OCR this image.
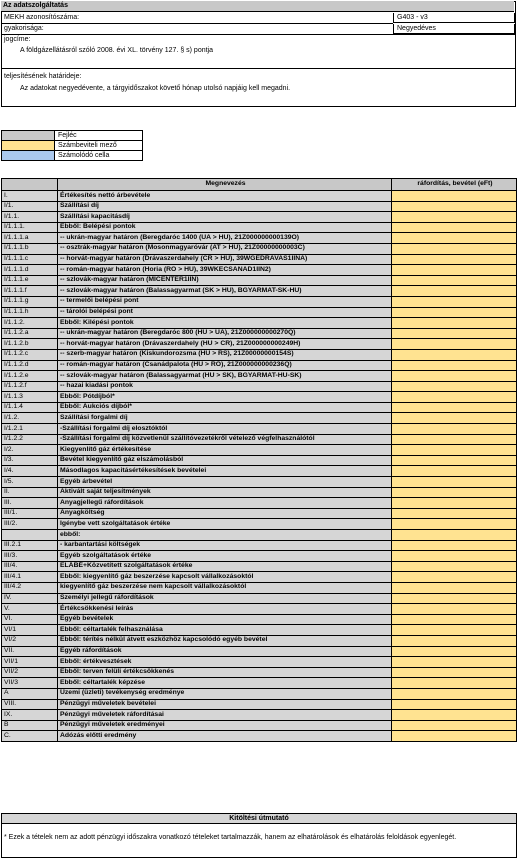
Az adatszolgáltatás
MEKH azonosítószáma:	G403 - v3
gyakorisága:	Negyedéves
jogcíme:
A földgázellátásról szóló 2008. évi XL. törvény 127. § s) pontja
teljesítésének határideje:
Az adatokat negyedévente, a tárgyidőszakot követő hónap utolsó napjáig kell megadni.
Fejléc
Számbeviteli mező
Számolódó cella
	Megnevezés	ráfordítás, bevétel (eFt)
I.	Értékesítés nettó árbevétele	
I/1.	Szállítási díj	
I/1.1.	Szállítási kapacitásdíj	
I/1.1.1.	Ebből: Belépési pontok	
I/1.1.1.a	-- ukrán-magyar határon (Beregdaróc 1400 (UA > HU), 21Z000000000139O)	
I/1.1.1.b	-- osztrák-magyar határon (Mosonmagyaróvár (AT > HU), 21Z00000000003C)	
I/1.1.1.c	-- horvát-magyar határon (Drávaszerdahely (CR > HU), 39WGEDRAVAS1IINA)	
I/1.1.1.d	-- román-magyar határon (Horia (RO > HU), 39WKECSANAD1IIN2)	
I/1.1.1.e	-- szlovák-magyar határon (MICENTER1IIN)	
I/1.1.1.f	-- szlovák-magyar határon (Balassagyarmat (SK > HU), BGYARMAT-SK-HU)	
I/1.1.1.g	-- termelői belépési pont	
I/1.1.1.h	-- tárolói belépési pont	
I/1.1.2.	Ebből: Kilépési pontok	
I/1.1.2.a	-- ukrán-magyar határon (Beregdaróc 800 (HU > UA), 21Z000000000270Q)	
I/1.1.2.b	-- horvát-magyar határon (Drávaszerdahely (HU > CR), 21Z000000000249H)	
I/1.1.2.c	-- szerb-magyar határon (Kiskundorozsma (HU > RS), 21Z00000000154S)	
I/1.1.2.d	-- román-magyar határon (Csanádpalota (HU > RO), 21Z000000000236Q)	
I/1.1.2.e	-- szlovák-magyar határon (Balassagyarmat (HU > SK), BGYARMAT-HU-SK)	
I/1.1.2.f	-- hazai kiadási pontok	
I/1.1.3	Ebből: Pótdíjból*	
I/1.1.4	Ebből: Aukciós díjból*	
I/1.2.	Szállítási forgalmi díj	
I/1.2.1	-Szállítási forgalmi díj elosztóktól	
I/1.2.2	-Szállítási forgalmi díj közvetlenül szállítóvezetékről vételező végfelhasználótól	
I/2.	Kiegyenlítő gáz értékesítése	
I/3.	Bevétel kiegyenlítő gáz elszámolásból	
I/4.	Másodlagos kapacitásértékesítések bevételei	
I/5.	Egyéb árbevétel	
II.	Aktivált saját teljesítmények	
III.	Anyagjellegű ráfordítások	
III/1.	Anyagköltség	
III/2.	Igénybe vett szolgáltatások értéke	
	ebből:	
III.2.1	- karbantartási költségek	
III/3.	Egyéb szolgáltatások értéke	
III/4.	ELÁBÉ+Közvetített szolgáltatások értéke	
III/4.1	Ebből: kiegyenlítő gáz beszerzése kapcsolt vállalkozásoktól	
III/4.2	kiegyenlítő gáz beszerzése nem kapcsolt vállalkozásoktól	
IV.	Személyi jellegű ráfordítások	
V.	Értékcsökkenési leírás	
VI.	Egyéb bevételek	
VI/1	Ebből: céltartalék felhasználása	
VI/2	Ebből: térítés nélkül átvett eszközhöz kapcsolódó egyéb bevétel	
VII.	Egyéb ráfordítások	
VII/1	Ebből: értékvesztések	
VII/2	Ebből: terven felüli értékcsökkenés	
VII/3	Ebből: céltartalék képzése	
A	Üzemi (üzleti) tevékenység eredménye	
VIII.	Pénzügyi műveletek bevételei	
IX.	Pénzügyi műveletek ráfordításai	
B	Pénzügyi műveletek eredményei	
C.	Adózás előtti eredmény	
Kitöltési útmutató
* Ezek a tételek nem az adott pénzügyi időszakra vonatkozó tételeket tartalmazzák, hanem az elhatárolások és elhatárolás feloldások egyenlegét.
